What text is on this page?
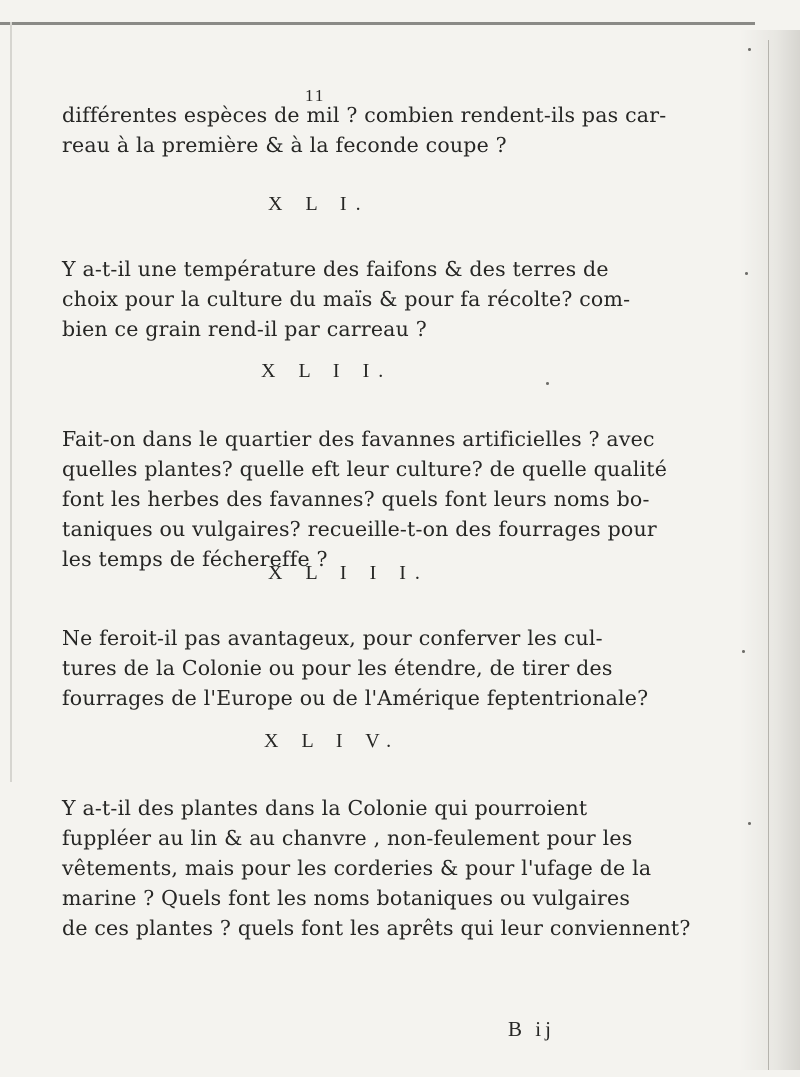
11
différentes espèces de mil ? combien rendent-ils pas car-
reau à la première & à la feconde coupe ?
X L I.
Y a-t-il une température des faifons & des terres de
choix pour la culture du maïs & pour fa récolte? com-
bien ce grain rend-il par carreau ?
X L I I.
Fait-on dans le quartier des favannes artificielles ? avec
quelles plantes? quelle eft leur culture? de quelle qualité
font les herbes des favannes? quels font leurs noms bo-
taniques ou vulgaires? recueille-t-on des fourrages pour
les temps de féchereffe ?
X L I I I.
Ne feroit-il pas avantageux, pour conferver les cul-
tures de la Colonie ou pour les étendre, de tirer des
fourrages de l'Europe ou de l'Amérique feptentrionale?
X L I V.
Y a-t-il des plantes dans la Colonie qui pourroient
fuppléer au lin & au chanvre , non-feulement pour les
vêtements, mais pour les corderies & pour l'ufage de la
marine ? Quels font les noms botaniques ou vulgaires
de ces plantes ? quels font les aprêts qui leur conviennent?
B ij
